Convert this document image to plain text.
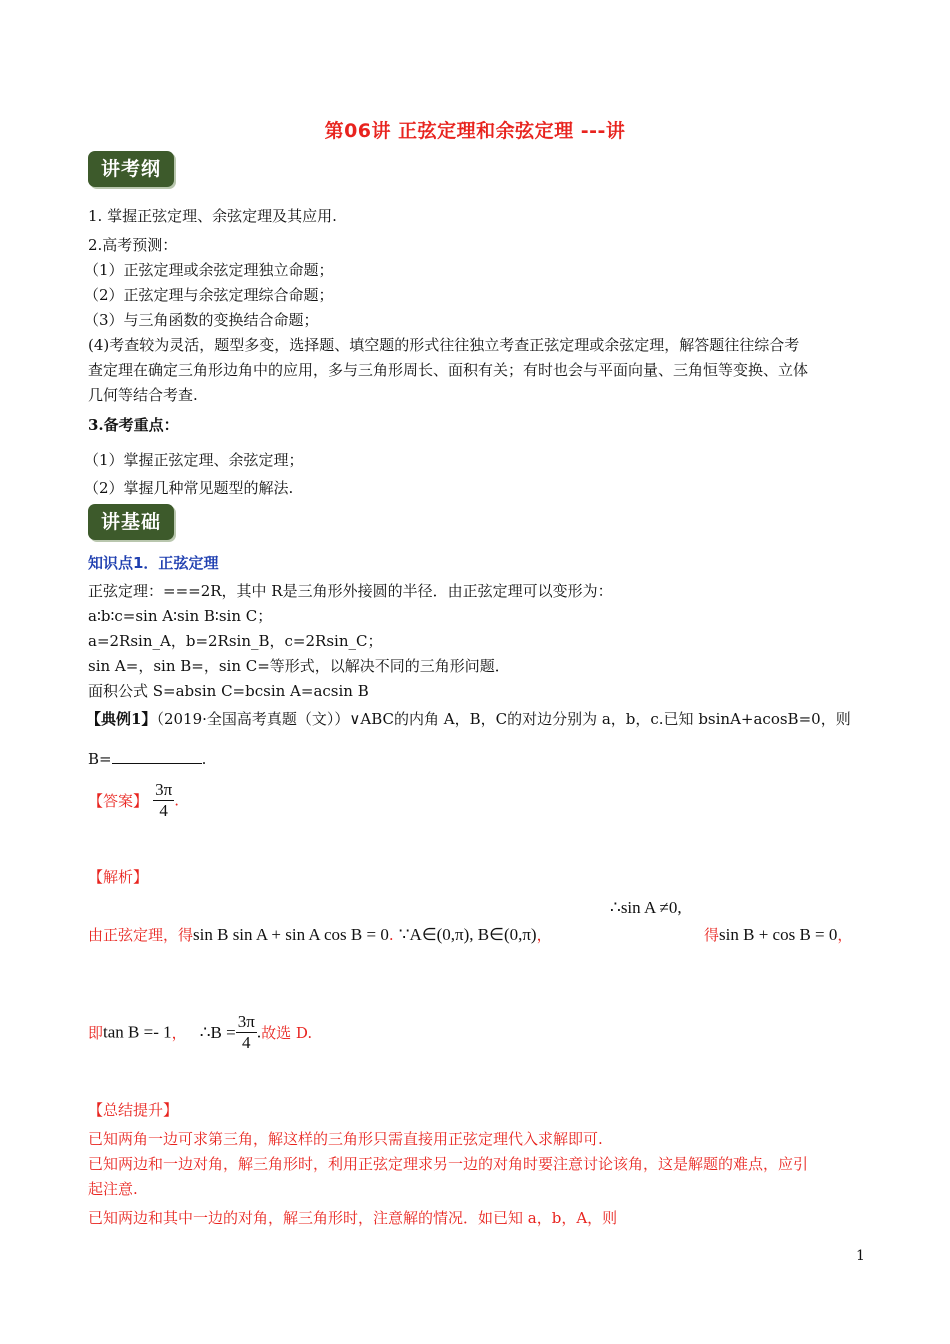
第06讲 正弦定理和余弦定理 ---讲
讲考纲
1. 掌握正弦定理、余弦定理及其应用.
2.高考预测：
（1）正弦定理或余弦定理独立命题；
（2）正弦定理与余弦定理综合命题；
（3）与三角函数的变换结合命题；
(4)考查较为灵活，题型多变，选择题、填空题的形式往往独立考查正弦定理或余弦定理，解答题往往综合考
查定理在确定三角形边角中的应用，多与三角形周长、面积有关；有时也会与平面向量、三角恒等变换、立体
几何等结合考查.
3.备考重点：
（1）掌握正弦定理、余弦定理；
（2）掌握几种常见题型的解法.
讲基础
知识点1．正弦定理
正弦定理：===2R，其中 R是三角形外接圆的半径．由正弦定理可以变形为：
a∶b∶c=sin A∶sin B∶sin C；
a=2Rsin_A，b=2Rsin_B，c=2Rsin_C；
sin A=，sin B=，sin C=等形式，以解决不同的三角形问题．
面积公式 S=absin C=bcsin A=acsin B
【典例1】（2019·全国高考真题（文））∨ABC的内角 A，B，C的对边分别为 a，b，c.已知 bsinA+acosB=0，则
B=	.
【答案】 $\frac{3\pi}{4}$ .
【解析】
∴sin A ≠0,
由正弦定理，得sin B sin A + sin A cos B = 0. ∵A∈(0,π), B∈(0,π)，	得sin B + cos B = 0，
即tan B =- 1， ∴B = $\frac{3\pi}{4}$ .故选 D.
【总结提升】
已知两角一边可求第三角，解这样的三角形只需直接用正弦定理代入求解即可.
已知两边和一边对角，解三角形时，利用正弦定理求另一边的对角时要注意讨论该角，这是解题的难点，应引
起注意.
已知两边和其中一边的对角，解三角形时，注意解的情况．如已知 a，b，A，则
1
